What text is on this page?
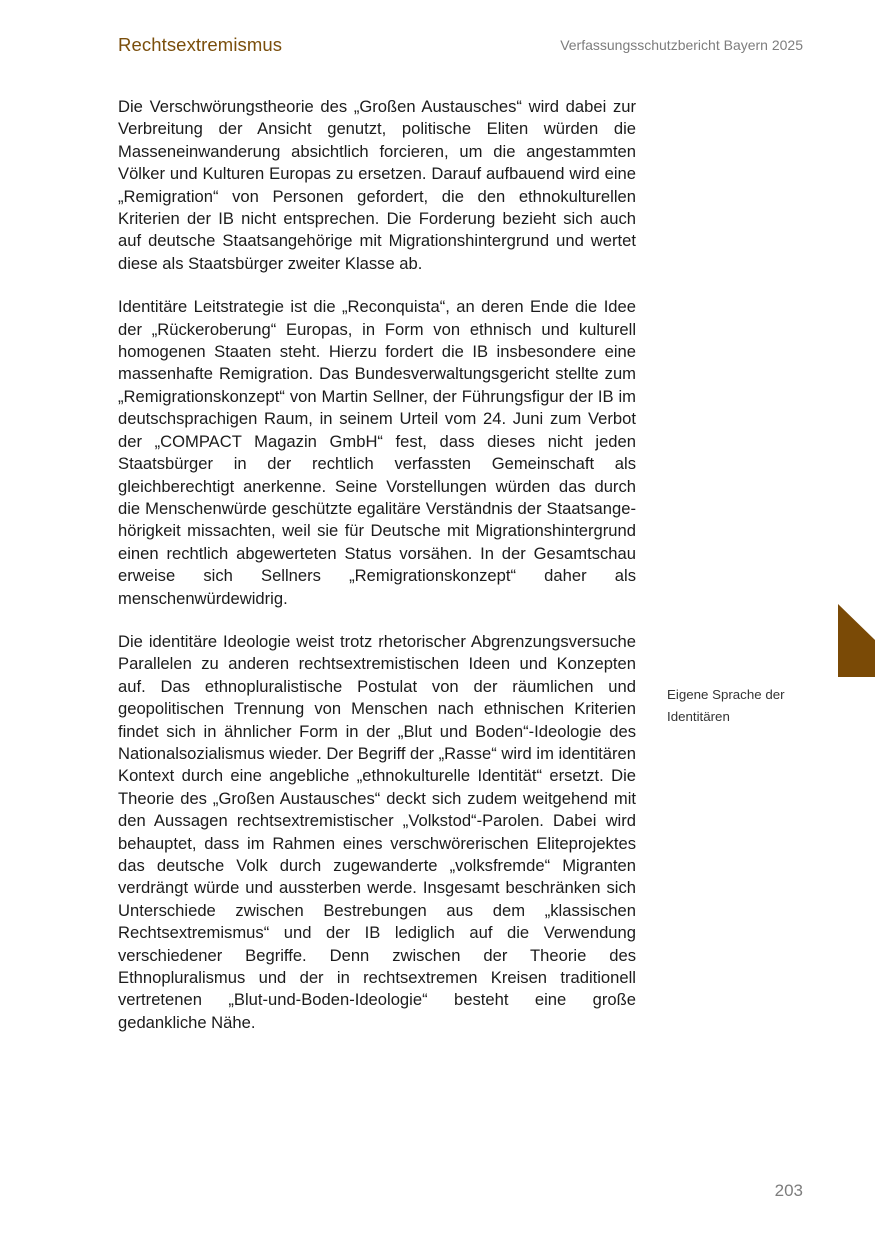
Rechtsextremismus	Verfassungsschutzbericht Bayern 2025

Die Verschwörungstheorie des „Großen Austausches“ wird dabei zur Verbreitung der Ansicht genutzt, politische Eliten würden die Masseneinwanderung absichtlich forcieren, um die angestammten Völker und Kulturen Europas zu ersetzen. Darauf aufbauend wird eine „Remigration“ von Personen gefordert, die den ethnokulturellen Kriterien der IB nicht entsprechen. Die Forderung bezieht sich auch auf deutsche Staatsangehörige mit Migrationshintergrund und wertet diese als Staatsbürger zweiter Klasse ab.

Identitäre Leitstrategie ist die „Reconquista“, an deren Ende die Idee der „Rückeroberung“ Europas, in Form von ethnisch und kulturell homogenen Staaten steht. Hierzu fordert die IB insbesondere eine massenhafte Remigration. Das Bundesverwaltungsgericht stellte zum „Remigrationskonzept“ von Martin Sellner, der Führungsfigur der IB im deutschsprachigen Raum, in seinem Urteil vom 24. Juni zum Verbot der „COMPACT Magazin GmbH“ fest, dass dieses nicht jeden Staatsbürger in der rechtlich verfassten Gemeinschaft als gleichberechtigt anerkenne. Seine Vorstellungen würden das durch die Menschenwürde geschützte egalitäre Verständnis der Staatsangehörigkeit missachten, weil sie für Deutsche mit Migrationshintergrund einen rechtlich abgewerteten Status vorsähen. In der Gesamtschau erweise sich Sellners „Remigrationskonzept“ daher als menschenwürdewidrig.

Die identitäre Ideologie weist trotz rhetorischer Abgrenzungsversuche Parallelen zu anderen rechtsextremistischen Ideen und Konzepten auf. Das ethnopluralistische Postulat von der räumlichen und geopolitischen Trennung von Menschen nach ethnischen Kriterien findet sich in ähnlicher Form in der „Blut und Boden“-Ideologie des Nationalsozialismus wieder. Der Begriff der „Rasse“ wird im identitären Kontext durch eine angebliche „ethnokulturelle Identität“ ersetzt. Die Theorie des „Großen Austausches“ deckt sich zudem weitgehend mit den Aussagen rechtsextremistischer „Volkstod“-Parolen. Dabei wird behauptet, dass im Rahmen eines verschwörerischen Eliteprojektes das deutsche Volk durch zugewanderte „volksfremde“ Migranten verdrängt würde und aussterben werde. Insgesamt beschränken sich Unterschiede zwischen Bestrebungen aus dem „klassischen Rechtsextremismus“ und der IB lediglich auf die Verwendung verschiedener Begriffe. Denn zwischen der Theorie des Ethnopluralismus und der in rechtsextremen Kreisen traditionell vertretenen „Blut-und-Boden-Ideologie“ besteht eine große gedankliche Nähe.

Eigene Sprache der Identitären
203
